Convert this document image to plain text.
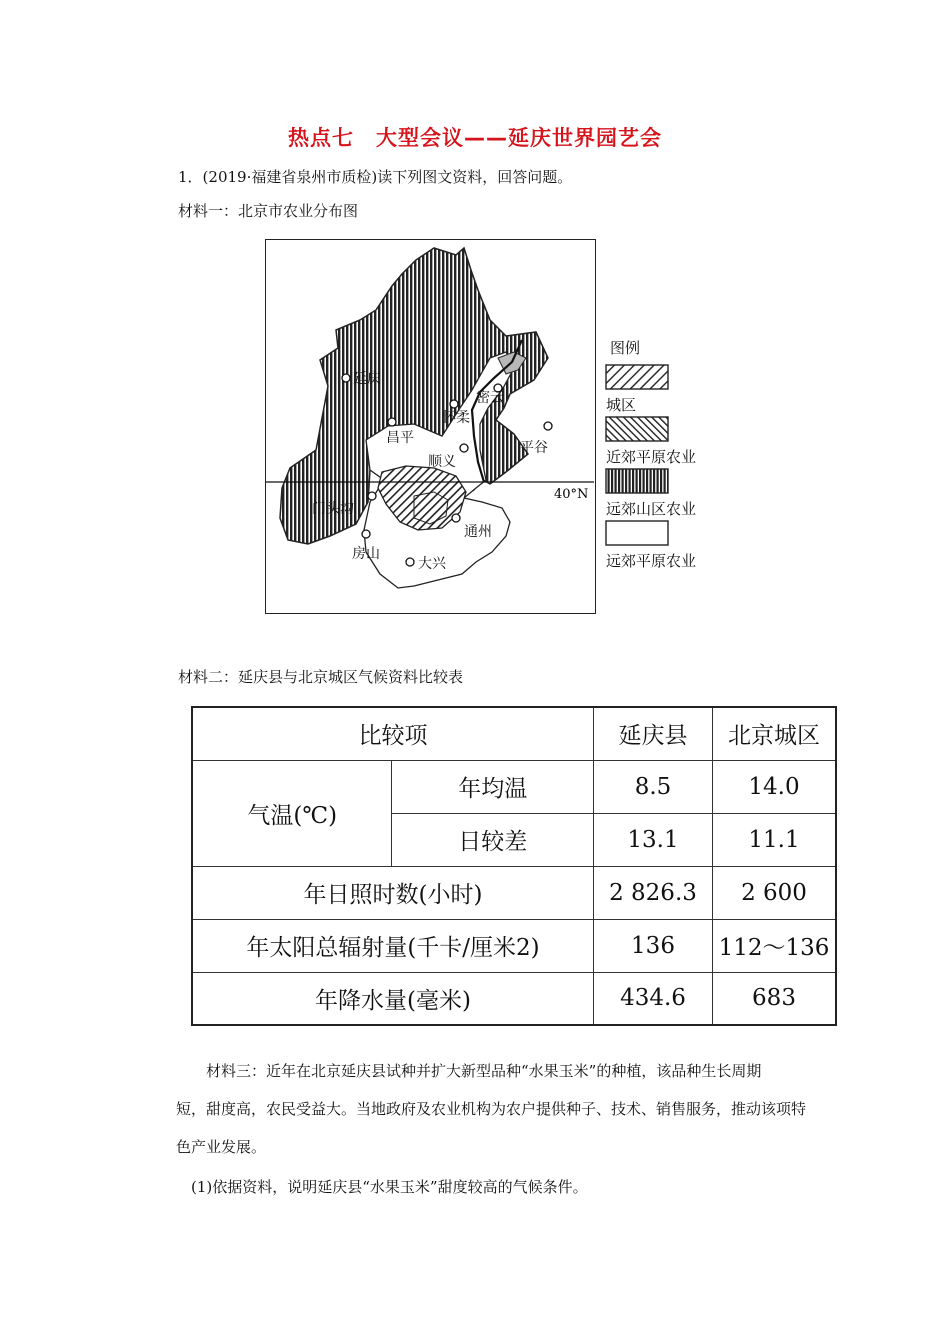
热点七　大型会议——延庆世界园艺会
1．(2019·福建省泉州市质检)读下列图文资料，回答问题。
材料一：北京市农业分布图
40°N
延庆
密云
怀柔
昌平
顺义
平谷
门头沟
通州
房山
大兴
图例
城区
近郊平原农业
远郊山区农业
远郊平原农业
材料二：延庆县与北京城区气候资料比较表
比较项		延庆县	北京城区
气温(℃)	年均温	8.5	14.0
	日较差	13.1	11.1
年日照时数(小时)		2 826.3	2 600
年太阳总辐射量(千卡/厘米2)		136	112～136
年降水量(毫米)		434.6	683

　　材料三：近年在北京延庆县试种并扩大新型品种“水果玉米”的种植，该品种生长周期

短，甜度高，农民受益大。当地政府及农业机构为农户提供种子、技术、销售服务，推动该项特

色产业发展。

　(1)依据资料，说明延庆县“水果玉米”甜度较高的气候条件。
